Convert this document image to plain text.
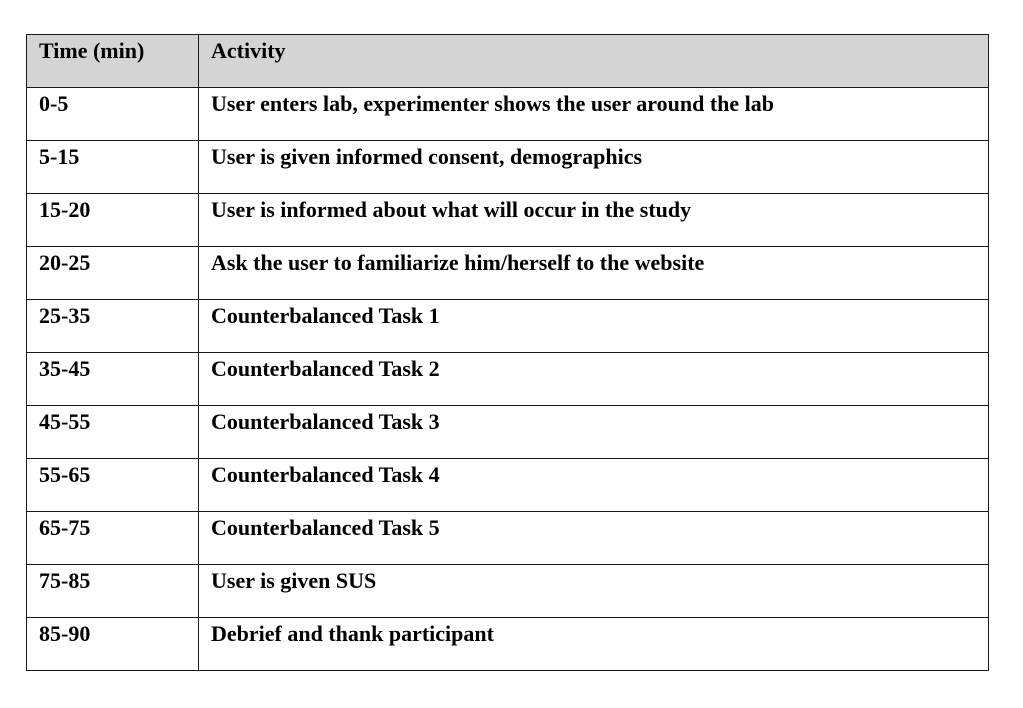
Time (min)	Activity

0-5	User enters lab, experimenter shows the user around the lab

5-15	User is given informed consent, demographics

15-20	User is informed about what will occur in the study

20-25	Ask the user to familiarize him/herself to the website

25-35	Counterbalanced Task 1

35-45	Counterbalanced Task 2

45-55	Counterbalanced Task 3

55-65	Counterbalanced Task 4

65-75	Counterbalanced Task 5

75-85	User is given SUS

85-90	Debrief and thank participant
